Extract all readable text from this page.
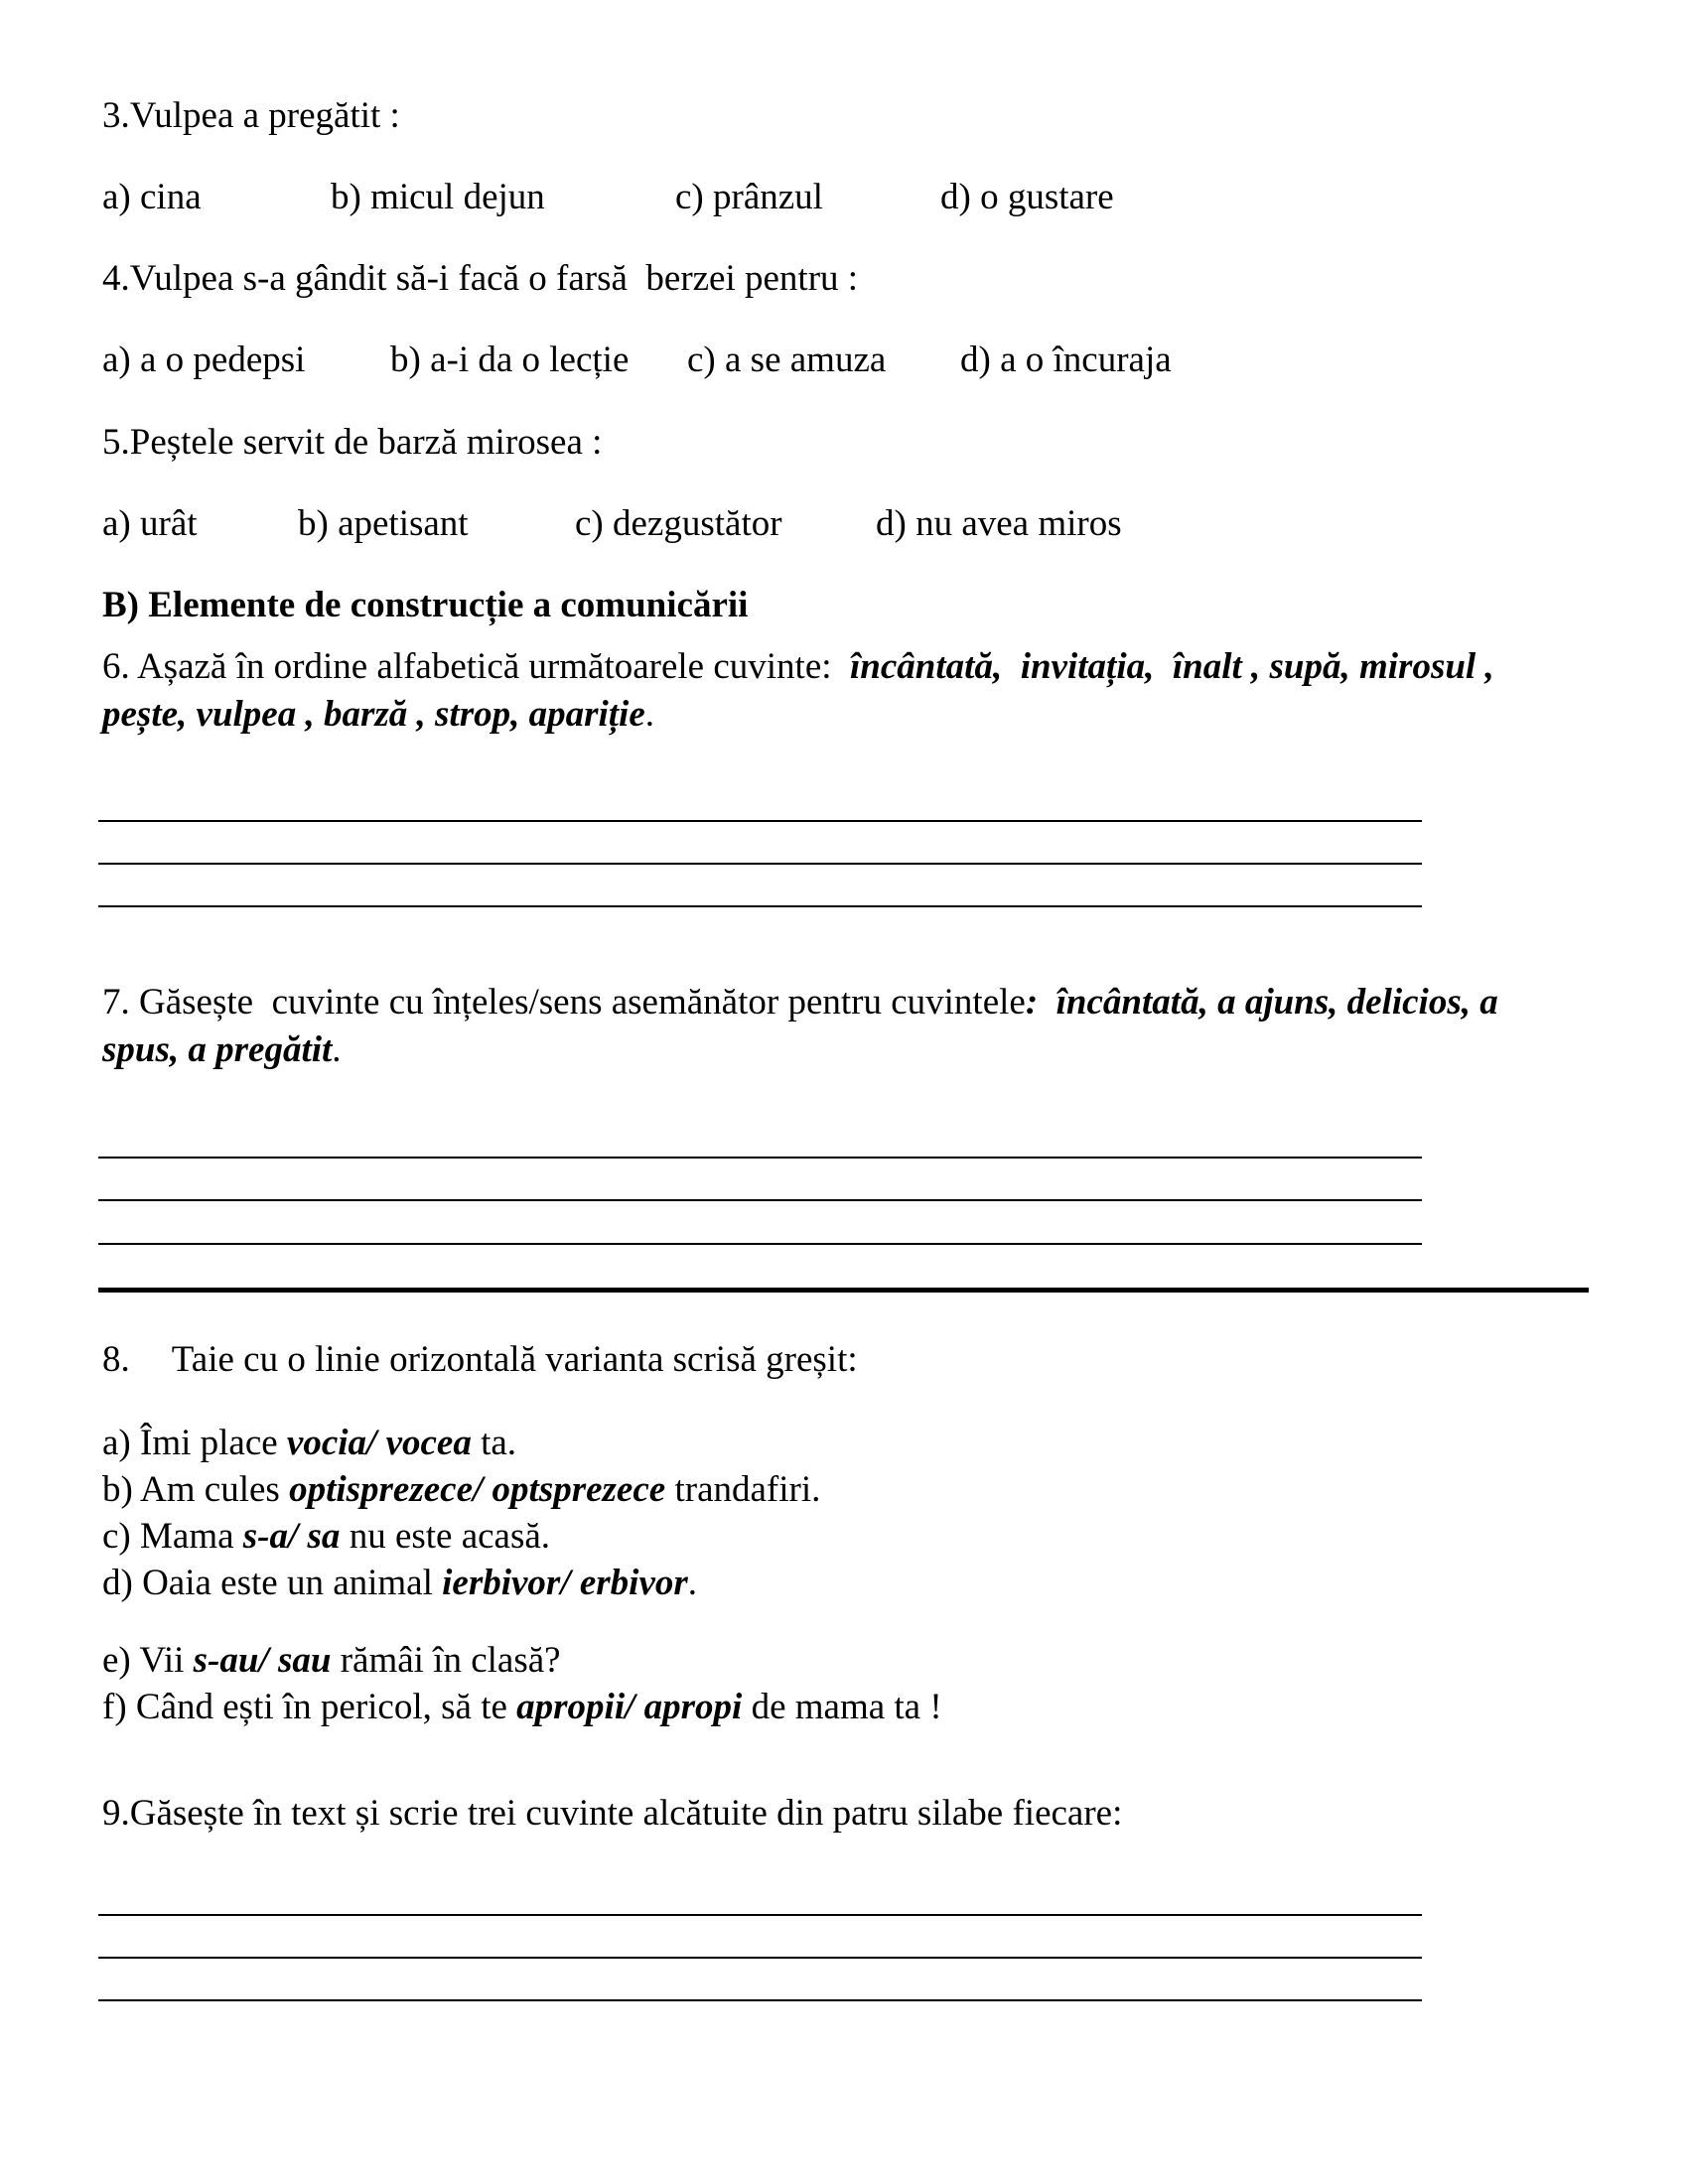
3.Vulpea a pregătit :
a) cina	b) micul dejun	c) prânzul	d) o gustare
4.Vulpea s-a gândit să-i facă o farsă  berzei pentru :
a) a o pedepsi b) a-i da o lecție c) a se amuza d) a o încuraja
5.Peștele servit de barză mirosea :
a) urât	b) apetisant	c) dezgustător	d) nu avea miros
B) Elemente de construcție a comunicării
6. Așază în ordine alfabetică următoarele cuvinte:  încântată,  invitația,  înalt , supă, mirosul ,
pește, vulpea , barză , strop, apariție.
7. Găsește  cuvinte cu înțeles/sens asemănător pentru cuvintele:  încântată, a ajuns, delicios, a
spus, a pregătit.
8. Taie cu o linie orizontală varianta scrisă greșit:
a) Îmi place vocia/ vocea ta.
b) Am cules optisprezece/ optsprezece trandafiri.
c) Mama s-a/ sa nu este acasă.
d) Oaia este un animal ierbivor/ erbivor.
e) Vii s-au/ sau rămâi în clasă?
f) Când ești în pericol, să te apropii/ apropi de mama ta !
9.Găsește în text și scrie trei cuvinte alcătuite din patru silabe fiecare:
